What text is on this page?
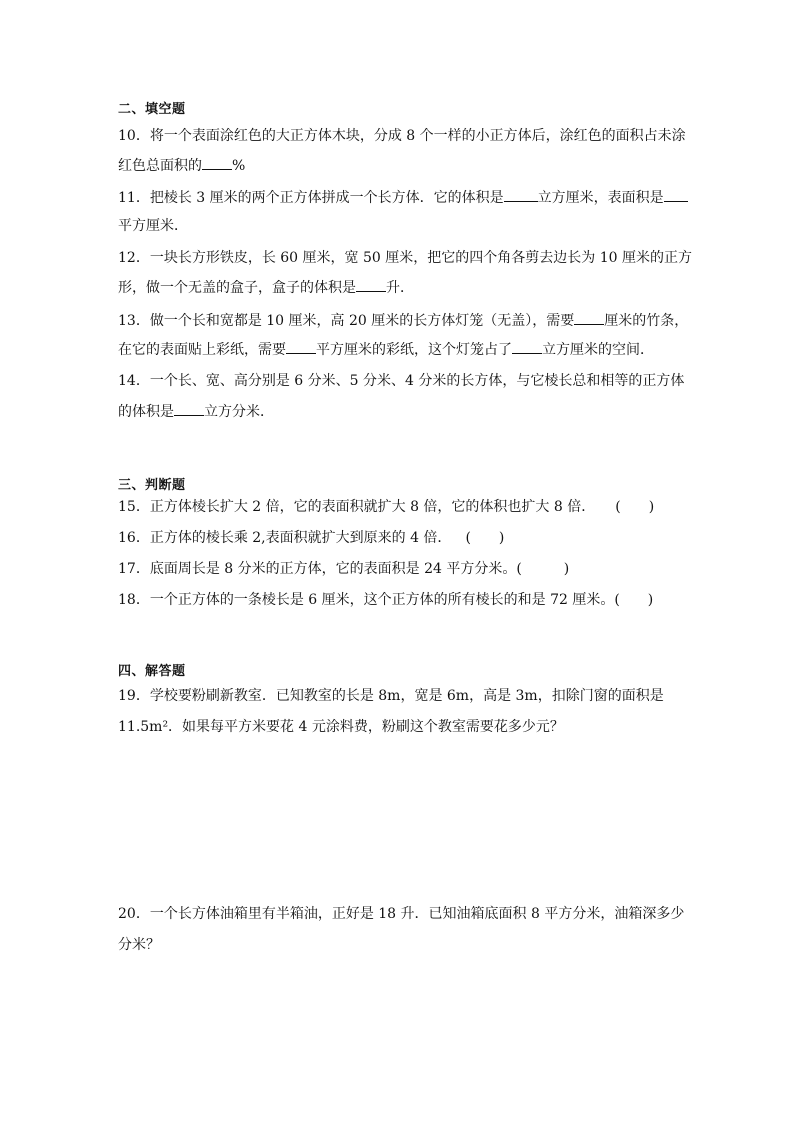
二、填空题
10．将一个表面涂红色的大正方体木块，分成 8 个一样的小正方体后，涂红色的面积占未涂
红色总面积的 %
11．把棱长 3 厘米的两个正方体拼成一个长方体．它的体积是 立方厘米，表面积是
平方厘米．
12．一块长方形铁皮，长 60 厘米，宽 50 厘米，把它的四个角各剪去边长为 10 厘米的正方
形，做一个无盖的盒子，盒子的体积是 升．
13．做一个长和宽都是 10 厘米，高 20 厘米的长方体灯笼（无盖），需要 厘米的竹条，
在它的表面贴上彩纸，需要 平方厘米的彩纸，这个灯笼占了 立方厘米的空间．
14．一个长、宽、高分别是 6 分米、5 分米、4 分米的长方体，与它棱长总和相等的正方体
的体积是 立方分米．
三、判断题
15．正方体棱长扩大 2 倍，它的表面积就扩大 8 倍，它的体积也扩大 8 倍． (　　)
16．正方体的棱长乘 2,表面积就扩大到原来的 4 倍． (　　)
17．底面周长是 8 分米的正方体，它的表面积是 24 平方分米。(　　　)
18．一个正方体的一条棱长是 6 厘米，这个正方体的所有棱长的和是 72 厘米。(　　)
四、解答题
19．学校要粉刷新教室．已知教室的长是 8m，宽是 6m，高是 3m，扣除门窗的面积是
11.5m²．如果每平方米要花 4 元涂料费，粉刷这个教室需要花多少元？
20．一个长方体油箱里有半箱油，正好是 18 升．已知油箱底面积 8 平方分米，油箱深多少
分米？
